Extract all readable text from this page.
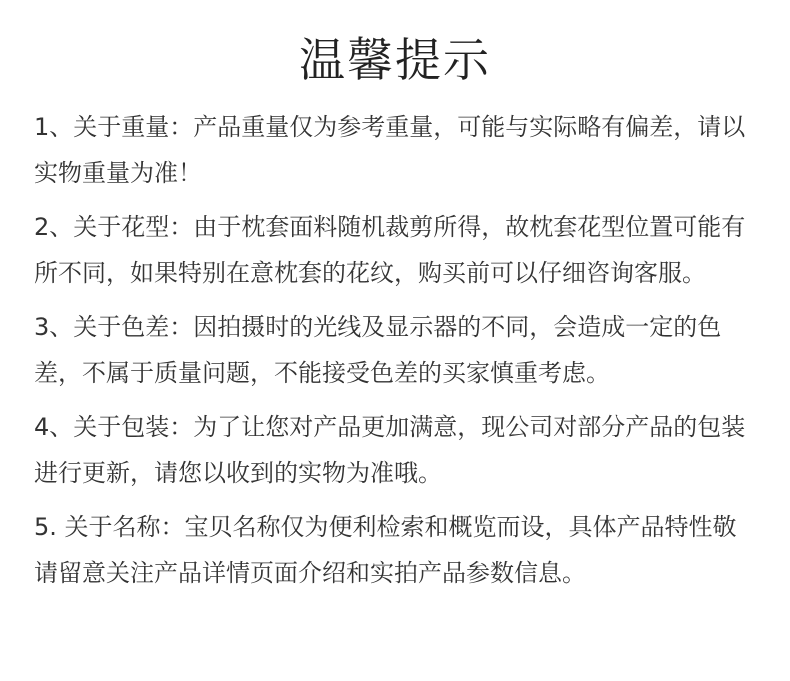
温馨提示
1、关于重量：产品重量仅为参考重量，可能与实际略有偏差，请以实物重量为准！
2、关于花型：由于枕套面料随机裁剪所得，故枕套花型位置可能有所不同，如果特别在意枕套的花纹，购买前可以仔细咨询客服。
3、关于色差：因拍摄时的光线及显示器的不同，会造成一定的色差，不属于质量问题，不能接受色差的买家慎重考虑。
4、关于包装：为了让您对产品更加满意，现公司对部分产品的包装进行更新，请您以收到的实物为准哦。
5. 关于名称：宝贝名称仅为便利检索和概览而设，具体产品特性敬请留意关注产品详情页面介绍和实拍产品参数信息。
